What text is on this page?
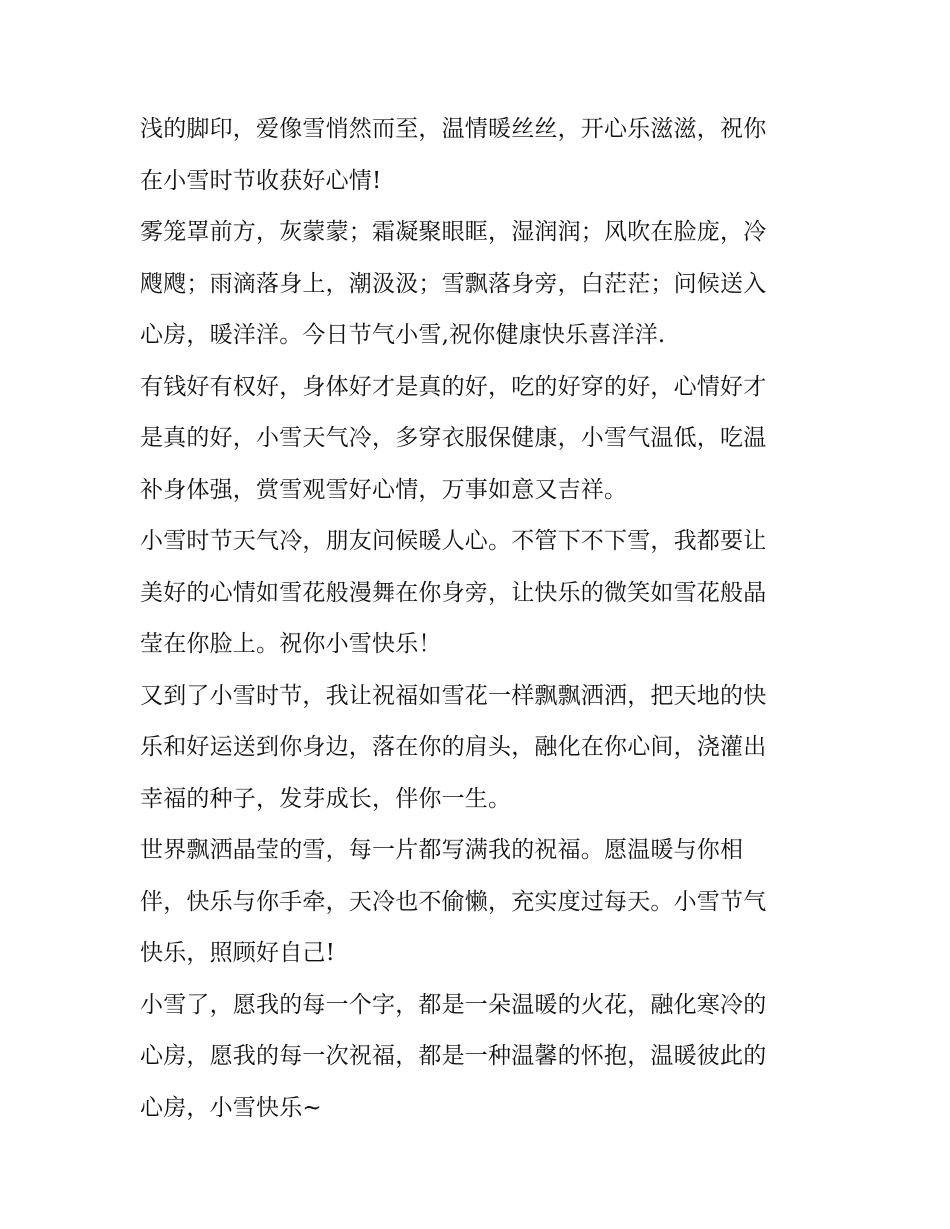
浅的脚印，爱像雪悄然而至，温情暖丝丝，开心乐滋滋，祝你
在小雪时节收获好心情!
雾笼罩前方，灰蒙蒙；霜凝聚眼眶，湿润润；风吹在脸庞，冷
飕飕；雨滴落身上，潮汲汲；雪飘落身旁，白茫茫；问候送入
心房，暖洋洋。今日节气小雪,祝你健康快乐喜洋洋.
有钱好有权好，身体好才是真的好，吃的好穿的好，心情好才
是真的好，小雪天气冷，多穿衣服保健康，小雪气温低，吃温
补身体强，赏雪观雪好心情，万事如意又吉祥。
小雪时节天气冷，朋友问候暖人心。不管下不下雪，我都要让
美好的心情如雪花般漫舞在你身旁，让快乐的微笑如雪花般晶
莹在你脸上。祝你小雪快乐！
又到了小雪时节，我让祝福如雪花一样飘飘洒洒，把天地的快
乐和好运送到你身边，落在你的肩头，融化在你心间，浇灌出
幸福的种子，发芽成长，伴你一生。
世界飘洒晶莹的雪，每一片都写满我的祝福。愿温暖与你相
伴，快乐与你手牵，天冷也不偷懒，充实度过每天。小雪节气
快乐，照顾好自己!
小雪了，愿我的每一个字，都是一朵温暖的火花，融化寒冷的
心房，愿我的每一次祝福，都是一种温馨的怀抱，温暖彼此的
心房，小雪快乐~
